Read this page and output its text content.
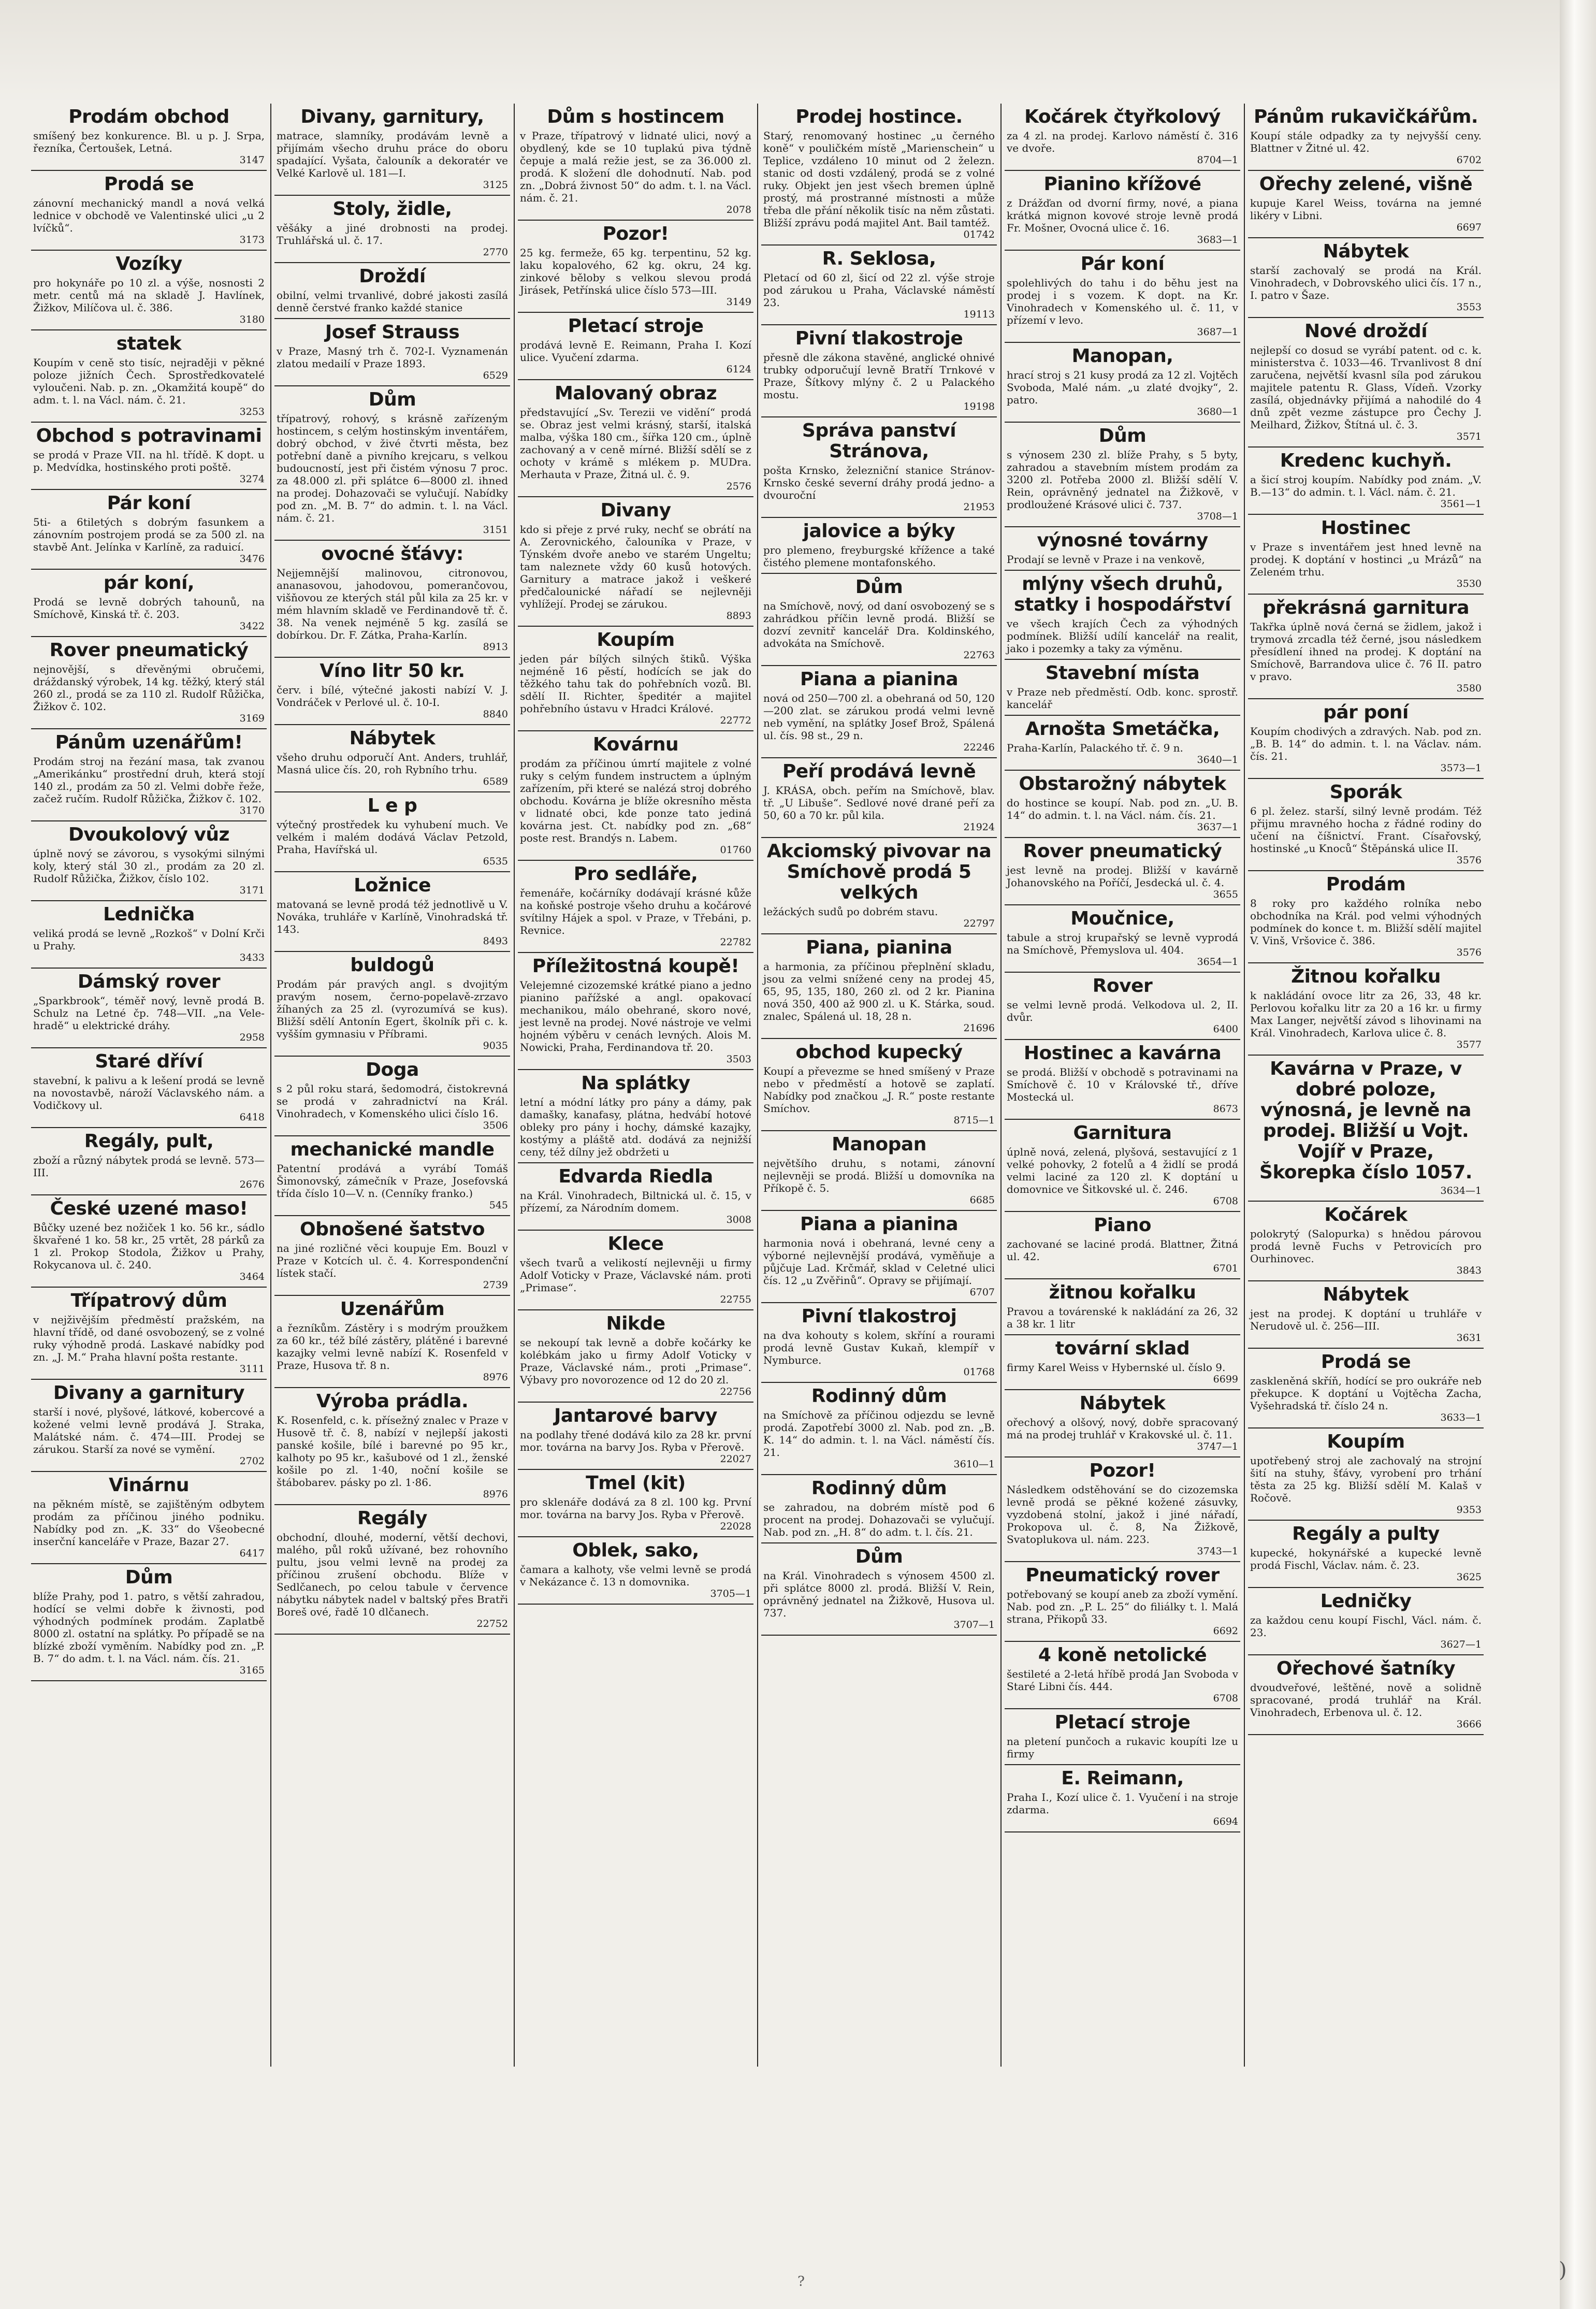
Prodám obchod
smíšený bez konkurence. Bl. u p. J. Srpa, řezníka, Čertoušek, Letná.
3147
Prodá se
zánovní mechanický mandl a nová velká lednice v obchodě ve Valentinské ulici „u 2 lvíčků“.
3173
Vozíky
pro hokynáře po 10 zl. a výše, nosnosti 2 metr. centů má na skladě J. Havlínek, Žižkov, Milíčova ul. č. 386.
3180
statek
Koupím v ceně sto tisíc, nejraději v pěkné poloze jižních Čech. Sprostředkovatelé vyloučeni. Nab. p. zn. „Okamžitá koupě“ do adm. t. l. na Václ. nám. č. 21.
3253
Obchod s potravinami
se prodá v Praze VII. na hl. třídě. K dopt. u p. Medvídka, hostinského proti poště.
3274
Pár koní
5ti- a 6tiletých s dobrým fasunkem a zánovním postrojem prodá se za 500 zl. na stavbě Ant. Jelínka v Karlíně, za raduicí.
3476
pár koní,
Prodá se levně dobrých tahounů, na Smíchově, Kinská tř. č. 203.
3422
Rover pneumatický
nejnovější, s dřevěnými obručemi, dráždanský výrobek, 14 kg. těžký, který stál 260 zl., prodá se za 110 zl. Rudolf Růžička, Žižkov č. 102.
3169
Pánům uzenářům!
Prodám stroj na řezání masa, tak zvanou „Amerikánku“ prostřední druh, která stojí 140 zl., prodám za 50 zl. Velmi dobře řeže, začež ručím. Rudolf Růžička, Žižkov č. 102.
3170
Dvoukolový vůz
úplně nový se závorou, s vysokými silnými koly, který stál 30 zl., prodám za 20 zl. Rudolf Růžička, Žižkov, číslo 102.
3171
Lednička
veliká prodá se levně „Rozkoš“ v Dolní Krči u Prahy.
3433
Dámský rover
„Sparkbrook“, téměř nový, levně prodá B. Schulz na Letné čp. 748—VII. „na Vele-hradě“ u elektrické dráhy.
2958
Staré dříví
stavební, k palivu a k lešení prodá se levně na novostavbě, nároží Václavského nám. a Vodičkovy ul.
6418
Regály, pult,
zboží a různý nábytek prodá se levně. 573—III.
2676
České uzené maso!
Bůčky uzené bez nožiček 1 ko. 56 kr., sádlo škvařené 1 ko. 58 kr., 25 vrtět, 28 párků za 1 zl. Prokop Stodola, Žižkov u Prahy, Rokycanova ul. č. 240.
3464
Třípatrový dům
v nejživějším předměstí pražském, na hlavní třídě, od dané osvobozený, se z volné ruky výhodně prodá. Laskavé nabídky pod zn. „J. M.“ Praha hlavní pošta restante.
3111
Divany a garnitury
starší i nové, plyšové, látkové, kobercové a kožené velmi levně prodává J. Straka, Malátské nám. č. 474—III. Prodej se zárukou. Starší za nové se vymění.
2702
Vinárnu
na pěkném místě, se zajištěným odbytem prodám za příčinou jiného podniku. Nabídky pod zn. „K. 33“ do Všeobecné inserční kanceláře v Praze, Bazar 27.
6417
Dům
blíže Prahy, pod 1. patro, s větší zahradou, hodící se velmi dobře k živnosti, pod výhodných podmínek prodám. Zaplatbě 8000 zl. ostatní na splátky. Po případě se na blízké zboží vyměním. Nabídky pod zn. „P. B. 7“ do adm. t. l. na Václ. nám. čís. 21.
3165
Divany, garnitury,
matrace, slamníky, prodávám levně a přijímám všecho druhu práce do oboru spadající. Vyšata, čalouník a dekoratér ve Velké Karlově ul. 181—I.
3125
Stoly, židle,
věšáky a jiné drobnosti na prodej. Truhlářská ul. č. 17.
2770
Droždí
obilní, velmi trvanlivé, dobré jakosti zasílá denně čerstvé franko každé stanice
Josef Strauss
v Praze, Masný trh č. 702-I. Vyznamenán zlatou medailí v Praze 1893.
6529
Dům
třípatrový, rohový, s krásně zařízeným hostincem, s celým hostinským inventářem, dobrý obchod, v živé čtvrti města, bez potřební daně a pivního krejcaru, s velkou budoucností, jest při čistém výnosu 7 proc. za 48.000 zl. při splátce 6—8000 zl. ihned na prodej. Dohazovači se vylučují. Nabídky pod zn. „M. B. 7“ do admin. t. l. na Václ. nám. č. 21.
3151
ovocné šťávy:
Nejjemnější malinovou, citronovou, ananasovou, jahodovou, pomerančovou, višňovou ze kterých stál půl kila za 25 kr. v mém hlavním skladě ve Ferdinandově tř. č. 38. Na venek nejméně 5 kg. zasílá se dobírkou. Dr. F. Zátka, Praha-Karlín.
8913
Víno litr 50 kr.
červ. i bílé, výtečné jakosti nabízí V. J. Vondráček v Perlové ul. č. 10-I.
8840
Nábytek
všeho druhu odporučí Ant. Anders, truhlář, Masná ulice čís. 20, roh Rybního trhu.
6589
L e p
výtečný prostředek ku vyhubení much. Ve velkém i malém dodává Václav Petzold, Praha, Havířská ul.
6535
Ložnice
matovaná se levně prodá též jednotlivě u V. Nováka, truhláře v Karlíně, Vinohradská tř. 143.
8493
buldogů
Prodám pár pravých angl. s dvojitým pravým nosem, černo-popelavě-zrzavo žíhaných za 25 zl. (vyrozumívá se kus). Bližší sdělí Antonín Egert, školník při c. k. vyšším gymnasiu v Příbrami.
9035
Doga
s 2 půl roku stará, šedomodrá, čistokrevná se prodá v zahradnictví na Král. Vinohradech, v Komenského ulici číslo 16.
3506
mechanické mandle
Patentní prodává a vyrábí Tomáš Šimonovský, zámečník v Praze, Josefovská třída číslo 10—V. n. (Cenníky franko.)
545
Obnošené šatstvo
na jiné rozličné věci koupuje Em. Bouzl v Praze v Kotcích ul. č. 4. Korrespondenční lístek stačí.
2739
Uzenářům
a řezníkům. Zástěry i s modrým proužkem za 60 kr., též bílé zástěry, plátěné i barevné kazajky velmi levně nabízí K. Rosenfeld v Praze, Husova tř. 8 n.
8976
Výroba prádla.
K. Rosenfeld, c. k. přísežný znalec v Praze v Husově tř. č. 8, nabízí v nejlepší jakosti panské košile, bílé i barevné po 95 kr., kalhoty po 95 kr., kašubové od 1 zl., ženské košile po zl. 1·40, noční košile se štábobarev. pásky po zl. 1·86.
8976
Regály
obchodní, dlouhé, moderní, větší dechovi, malého, půl roků užívané, bez rohovního pultu, jsou velmi levně na prodej za příčinou zrušení obchodu. Blíže v Sedlčanech, po celou tabule v července nábytku nábytek nadel v baltský přes Bratři Boreš ové, řadě 10 dlčanech.
22752
Dům s hostincem
v Praze, třípatrový v lidnaté ulici, nový a obydlený, kde se 10 tuplakú piva týdně čepuje a malá režie jest, se za 36.000 zl. prodá. K složení dle dohodnutí. Nab. pod zn. „Dobrá živnost 50“ do adm. t. l. na Václ. nám. č. 21.
2078
Pozor!
25 kg. fermeže, 65 kg. terpentinu, 52 kg. laku kopalového, 62 kg. okru, 24 kg. zinkové běloby s velkou slevou prodá Jirásek, Petřínská ulice číslo 573—III.
3149
Pletací stroje
prodává levně E. Reimann, Praha I. Kozí ulice. Vyučení zdarma.
6124
Malovaný obraz
představující „Sv. Terezii ve vidění“ prodá se. Obraz jest velmi krásný, starší, italská malba, výška 180 cm., šířka 120 cm., úplně zachovaný a v ceně mírné. Bližší sdělí se z ochoty v krámě s mlékem p. MUDra. Merhauta v Praze, Žitná ul. č. 9.
2576
Divany
kdo si přeje z prvé ruky, nechť se obrátí na A. Zerovnického, čalouníka v Praze, v Týnském dvoře anebo ve starém Ungeltu; tam naleznete vždy 60 kusů hotových. Garnitury a matrace jakož i veškeré předčalounické nářadí se nejlevněji vyhlížejí. Prodej se zárukou.
8893
Koupím
jeden pár bílých silných štiků. Výška nejméně 16 pěstí, hodících se jak do těžkého tahu tak do pohřebních vozů. Bl. sdělí II. Richter, špeditér a majitel pohřebního ústavu v Hradci Králové.
22772
Kovárnu
prodám za příčinou úmrtí majitele z volné ruky s celým fundem instructem a úplným zařízením, při které se nalézá stroj dobrého obchodu. Kovárna je blíže okresního města v lidnaté obci, kde ponze tato jediná kovárna jest. Ct. nabídky pod zn. „68“ poste rest. Brandýs n. Labem.
01760
Pro sedláře,
řemenáře, kočárníky dodávají krásné kůže na koňské postroje všeho druhu a kočárové svítilny Hájek a spol. v Praze, v Třebáni, p. Revnice.
22782
Příležitostná koupě!
Velejemné cizozemské krátké piano a jedno pianino pařížské a angl. opakovací mechanikou, málo obehrané, skoro nové, jest levně na prodej. Nové nástroje ve velmi hojném výběru v cenách levných. Alois M. Nowicki, Praha, Ferdinandova tř. 20.
3503
Na splátky
letní a módní látky pro pány a dámy, pak damašky, kanafasy, plátna, hedvábí hotové obleky pro pány i hochy, dámské kazajky, kostýmy a pláště atd. dodává za nejnižší ceny, též dílny jež obdržeti u
Edvarda Riedla
na Král. Vinohradech, Biltnická ul. č. 15, v přízemí, za Národním domem.
3008
Klece
všech tvarů a velikostí nejlevněji u firmy Adolf Voticky v Praze, Václavské nám. proti „Primase“.
22755
Nikde
se nekoupí tak levně a dobře kočárky ke kolébkám jako u firmy Adolf Voticky v Praze, Václavské nám., proti „Primase“. Výbavy pro novorozence od 12 do 20 zl.
22756
Jantarové barvy
na podlahy třené dodává kilo za 28 kr. první mor. továrna na barvy Jos. Ryba v Přerově.
22027
Tmel (kit)
pro sklenáře dodává za 8 zl. 100 kg. První mor. továrna na barvy Jos. Ryba v Přerově.
22028
Oblek, sako,
čamara a kalhoty, vše velmi levně se prodá v Nekázance č. 13 n domovnika.
3705—1
Prodej hostince.
Starý, renomovaný hostinec „u černého koně“ v pouličkém místě „Marienschein“ u Teplice, vzdáleno 10 minut od 2 železn. stanic od dosti vzdálený, prodá se z volné ruky. Objekt jen jest všech bremen úplně prostý, má prostranné místnosti a může třeba dle přání několik tisíc na něm zůstati. Bližší zprávu podá majitel Ant. Bail tamtéž.
01742
R. Seklosa,
Pletací od 60 zl, šicí od 22 zl. výše stroje pod zárukou u Praha, Václavské náměstí 23.
19113
Pivní tlakostroje
přesně dle zákona stavěné, anglické ohnivé trubky odporučují levně Bratří Trnkové v Praze, Šítkovy mlýny č. 2 u Palackého mostu.
19198
Správa panství Stránova,
pošta Krnsko, železniční stanice Stránov-Krnsko české severní dráhy prodá jedno- a dvouroční
21953
jalovice a býky
pro plemeno, freyburgské křížence a také čistého plemene montafonského.
Dům
na Smíchově, nový, od daní osvobozený se s zahrádkou příčin levně prodá. Bližší se dozví zevnitř kancelář Dra. Koldinského, advokáta na Smíchově.
22763
Piana a pianina
nová od 250—700 zl. a obehraná od 50, 120—200 zlat. se zárukou prodá velmi levně neb vymění, na splátky Josef Brož, Spálená ul. čís. 98 st., 29 n.
22246
Peří prodává levně
J. KRÁSA, obch. peřím na Smíchově, blav. tř. „U Libuše“. Sedlové nové drané peří za 50, 60 a 70 kr. půl kila.
21924
Akciomský pivovar na Smíchově prodá 5 velkých
ležáckých sudů po dobrém stavu.
22797
Piana, pianina
a harmonia, za příčinou přeplnění skladu, jsou za velmi snížené ceny na prodej 45, 65, 95, 135, 180, 260 zl. od 2 kr. Pianina nová 350, 400 až 900 zl. u K. Stárka, soud. znalec, Spálená ul. 18, 28 n.
21696
obchod kupecký
Koupí a převezme se hned smíšený v Praze nebo v předměstí a hotově se zaplatí. Nabídky pod značkou „J. R.“ poste restante Smíchov.
8715—1
Manopan
největšího druhu, s notami, zánovní nejlevněji se prodá. Bližší u domovníka na Příkopě č. 5.
6685
Piana a pianina
harmonia nová i obehraná, levné ceny a výborné nejlevnější prodává, vyměňuje a půjčuje Lad. Krčmář, sklad v Celetné ulici čís. 12 „u Zvěřinů“. Opravy se přijímají.
6707
Pivní tlakostroj
na dva kohouty s kolem, skříní a rourami prodá levně Gustav Kukaň, klempíř v Nymburce.
01768
Rodinný dům
na Smíchově za příčinou odjezdu se levně prodá. Zapotřebí 3000 zl. Nab. pod zn. „B. K. 14“ do admin. t. l. na Václ. náměstí čís. 21.
3610—1
Rodinný dům
se zahradou, na dobrém místě pod 6 procent na prodej. Dohazovači se vylučují. Nab. pod zn. „H. 8“ do adm. t. l. čís. 21.
Dům
na Král. Vinohradech s výnosem 4500 zl. při splátce 8000 zl. prodá. Bližší V. Rein, oprávněný jednatel na Žižkově, Husova ul. 737.
3707—1
Kočárek čtyřkolový
za 4 zl. na prodej. Karlovo náměstí č. 316 ve dvoře.
8704—1
Pianino křížové
z Drážďan od dvorní firmy, nové, a piana krátká mignon kovové stroje levně prodá Fr. Mošner, Ovocná ulice č. 16.
3683—1
Pár koní
spolehlivých do tahu i do běhu jest na prodej i s vozem. K dopt. na Kr. Vinohradech v Komenského ul. č. 11, v přízemí v levo.
3687—1
Manopan,
hrací stroj s 21 kusy prodá za 12 zl. Vojtěch Svoboda, Malé nám. „u zlaté dvojky“, 2. patro.
3680—1
Dům
s výnosem 230 zl. blíže Prahy, s 5 byty, zahradou a stavebním místem prodám za 3200 zl. Potřeba 2000 zl. Bližší sdělí V. Rein, oprávněný jednatel na Žižkově, v prodloužené Krásové ulici č. 737.
3708—1
výnosné továrny
Prodají se levně v Praze i na venkově,
mlýny všech druhů, statky i hospodářství
ve všech krajích Čech za výhodných podmínek. Bližší udílí kancelář na realit, jako i pozemky a taky za výměnu.
Stavební místa
v Praze neb předměstí. Odb. konc. sprostř. kancelář
Arnošta Smetáčka,
Praha-Karlín, Palackého tř. č. 9 n.
3640—1
Obstarožný nábytek
do hostince se koupí. Nab. pod zn. „U. B. 14“ do admin. t. l. na Václ. nám. čís. 21.
3637—1
Rover pneumatický
jest levně na prodej. Bližší v kavárně Johanovského na Poříčí, Jesdecká ul. č. 4.
3655
Moučnice,
tabule a stroj krupařský se levně vyprodá na Smíchově, Přemyslova ul. 404.
3654—1
Rover
se velmi levně prodá. Velkodova ul. 2, II. dvůr.
6400
Hostinec a kavárna
se prodá. Bližší v obchodě s potravinami na Smíchově č. 10 v Královské tř., dříve Mostecká ul.
8673
Garnitura
úplně nová, zelená, plyšová, sestavující z 1 velké pohovky, 2 fotelů a 4 židlí se prodá velmi laciné za 120 zl. K doptání u domovnice ve Šitkovské ul. č. 246.
6708
Piano
zachované se laciné prodá. Blattner, Žitná ul. 42.
6701
žitnou kořalku
Pravou a továrenské k nakládání za 26, 32 a 38 kr. 1 litr
tovární sklad
firmy Karel Weiss v Hybernské ul. číslo 9.
6699
Nábytek
ořechový a olšový, nový, dobře spracovaný má na prodej truhlář v Krakovské ul. č. 11.
3747—1
Pozor!
Následkem odstěhování se do cizozemska levně prodá se pěkné kožené zásuvky, vyzdobená stolní, jakož i jiné nářadí, Prokopova ul. č. 8, Na Žižkově, Svatoplukova ul. nám. 223.
3743—1
Pneumatický rover
potřebovaný se koupí aneb za zboží vymění. Nab. pod zn. „P. L. 25“ do filiálky t. l. Malá strana, Přikopů 33.
6692
4 koně netolické
šestileté a 2-letá hříbě prodá Jan Svoboda v Staré Libni čís. 444.
6708
Pletací stroje
na pletení punčoch a rukavic koupíti lze u firmy
E. Reimann,
Praha I., Kozí ulice č. 1. Vyučení i na stroje zdarma.
6694
Pánům rukavičkářům.
Koupí stále odpadky za ty nejvyšší ceny. Blattner v Žitné ul. 42.
6702
Ořechy zelené, višně
kupuje Karel Weiss, továrna na jemné likéry v Libni.
6697
Nábytek
starší zachovalý se prodá na Král. Vinohradech, v Dobrovského ulici čís. 17 n., I. patro v Šaze.
3553
Nové droždí
nejlepší co dosud se vyrábí patent. od c. k. ministerstva č. 1033—46. Trvanlivost 8 dní zaručena, největší kvasnl síla pod zárukou majitele patentu R. Glass, Vídeň. Vzorky zasílá, objednávky přijímá a nahodilé do 4 dnů zpět vezme zástupce pro Čechy J. Meilhard, Žižkov, Štítná ul. č. 3.
3571
Kredenc kuchyň.
a šicí stroj koupím. Nabídky pod znám. „V. B.—13“ do admin. t. l. Václ. nám. č. 21.
3561—1
Hostinec
v Praze s inventářem jest hned levně na prodej. K doptání v hostinci „u Mrázů“ na Zeleném trhu.
3530
překrásná garnitura
Takřka úplně nová černá se židlem, jakož i trymová zrcadla též černé, jsou následkem přesídlení ihned na prodej. K doptání na Smíchově, Barrandova ulice č. 76 II. patro v pravo.
3580
pár poní
Koupím chodivých a zdravých. Nab. pod zn. „B. B. 14“ do admin. t. l. na Václav. nám. čís. 21.
3573—1
Sporák
6 pl. želez. starší, silný levně prodám. Též přijmu mravného hocha z řádné rodiny do učení na číšnictví. Frant. Císařovský, hostinské „u Knoců“ Štěpánská ulice II.
3576
Prodám
8 roky pro každého rolníka nebo obchodníka na Král. pod velmi výhodných podmínek do konce t. m. Bližší sdělí majitel V. Vinš, Vršovice č. 386.
3576
Žitnou kořalku
k nakládání ovoce litr za 26, 33, 48 kr. Perlovou kořalku litr za 20 a 16 kr. u firmy Max Langer, největší závod s lihovinami na Král. Vinohradech, Karlova ulice č. 8.
3577
Kavárna v Praze, v dobré poloze, výnosná, je levně na prodej. Bližší u Vojt. Vojíř v Praze, Škorepka číslo 1057.
3634—1
Kočárek
polokrytý (Salopurka) s hnědou párovou prodá levně Fuchs v Petrovicích pro Ourhinovec.
3843
Nábytek
jest na prodej. K doptání u truhláře v Nerudově ul. č. 256—III.
3631
Prodá se
zaskleněná skříň, hodící se pro oukráře neb překupce. K doptání u Vojtěcha Zacha, Vyšehradská tř. číslo 24 n.
3633—1
Koupím
upotřebený stroj ale zachovalý na strojní šití na stuhy, šťávy, vyrobení pro trhání těsta za 25 kg. Bližší sdělí M. Kalaš v Ročově.
9353
Regály a pulty
kupecké, hokynářské a kupecké levně prodá Fischl, Václav. nám. č. 23.
3625
Ledničky
za každou cenu koupí Fischl, Václ. nám. č. 23.
3627—1
Ořechové šatníky
dvoudveřové, leštěné, nově a solidně spracované, prodá truhlář na Král. Vinohradech, Erbenova ul. č. 12.
3666
?	)
